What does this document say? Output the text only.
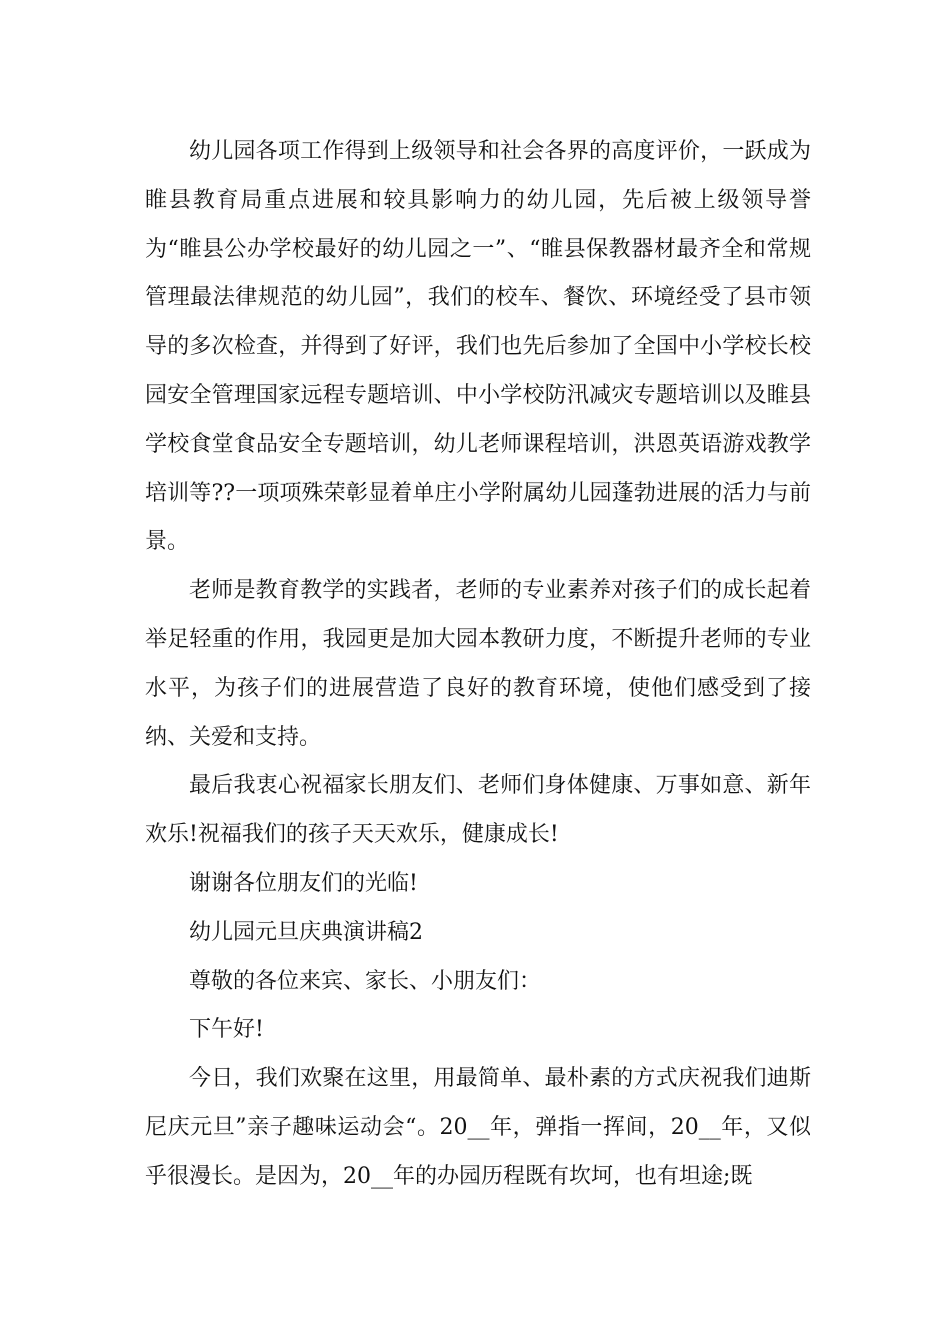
幼儿园各项工作得到上级领导和社会各界的高度评价，一跃成为睢县教育局重点进展和较具影响力的幼儿园，先后被上级领导誉为“睢县公办学校最好的幼儿园之一”、“睢县保教器材最齐全和常规管理最法律规范的幼儿园”，我们的校车、餐饮、环境经受了县市领导的多次检查，并得到了好评，我们也先后参加了全国中小学校长校园安全管理国家远程专题培训、中小学校防汛减灾专题培训以及睢县学校食堂食品安全专题培训，幼儿老师课程培训，洪恩英语游戏教学培训等??一项项殊荣彰显着单庄小学附属幼儿园蓬勃进展的活力与前景。

老师是教育教学的实践者，老师的专业素养对孩子们的成长起着举足轻重的作用，我园更是加大园本教研力度，不断提升老师的专业水平，为孩子们的进展营造了良好的教育环境，使他们感受到了接纳、关爱和支持。

最后我衷心祝福家长朋友们、老师们身体健康、万事如意、新年欢乐!祝福我们的孩子天天欢乐，健康成长!

谢谢各位朋友们的光临!

幼儿园元旦庆典演讲稿2

尊敬的各位来宾、家长、小朋友们：

下午好!

今日，我们欢聚在这里，用最简单、最朴素的方式庆祝我们迪斯尼庆元旦”亲子趣味运动会“。20__年，弹指一挥间，20__年，又似乎很漫长。是因为，20__年的办园历程既有坎坷，也有坦途;既
